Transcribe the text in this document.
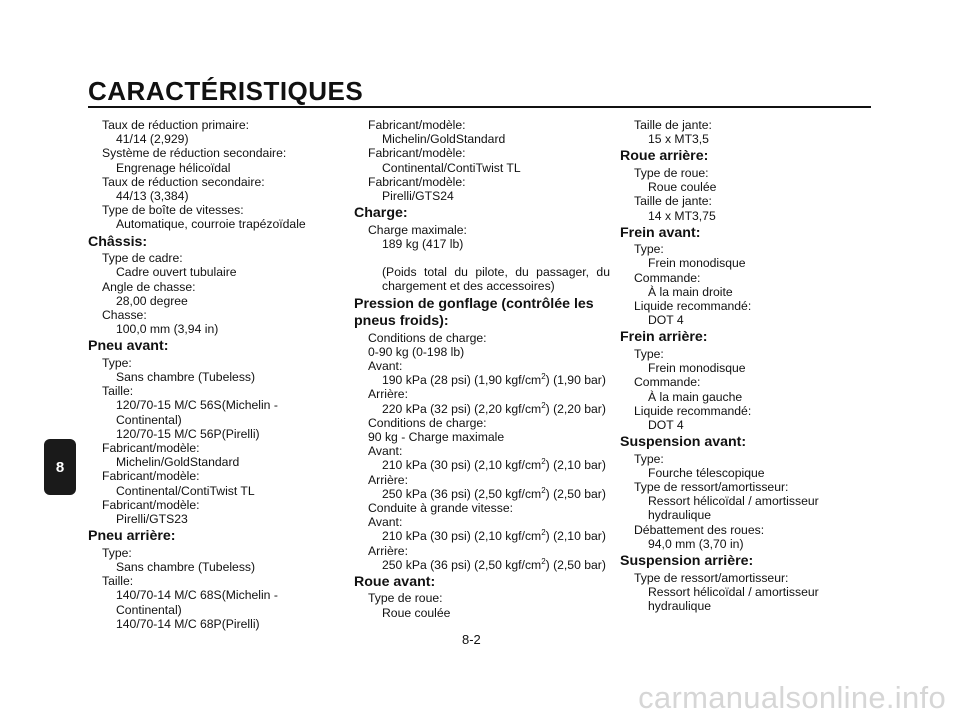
CARACTÉRISTIQUES
Taux de réduction primaire:
41/14 (2,929)
Système de réduction secondaire:
Engrenage hélicoïdal
Taux de réduction secondaire:
44/13 (3,384)
Type de boîte de vitesses:
Automatique, courroie trapézoïdale
Châssis:
Type de cadre:
Cadre ouvert tubulaire
Angle de chasse:
28,00 degree
Chasse:
100,0 mm (3,94 in)
Pneu avant:
Type:
Sans chambre (Tubeless)
Taille:
120/70-15 M/C 56S(Michelin -
Continental)
120/70-15 M/C 56P(Pirelli)
Fabricant/modèle:
Michelin/GoldStandard
Fabricant/modèle:
Continental/ContiTwist TL
Fabricant/modèle:
Pirelli/GTS23
Pneu arrière:
Type:
Sans chambre (Tubeless)
Taille:
140/70-14 M/C 68S(Michelin -
Continental)
140/70-14 M/C 68P(Pirelli)
Fabricant/modèle:
Michelin/GoldStandard
Fabricant/modèle:
Continental/ContiTwist TL
Fabricant/modèle:
Pirelli/GTS24
Charge:
Charge maximale:
189 kg (417 lb)
(Poids total du pilote, du passager, du chargement et des accessoires)
Pression de gonflage (contrôlée les pneus froids):
Conditions de charge:
0-90 kg (0-198 lb)
Avant:
190 kPa (28 psi) (1,90 kgf/$cm^2$) (1,90 bar)
Arrière:
220 kPa (32 psi) (2,20 kgf/$cm^2$) (2,20 bar)
Conditions de charge:
90 kg - Charge maximale
Avant:
210 kPa (30 psi) (2,10 kgf/$cm^2$) (2,10 bar)
Arrière:
250 kPa (36 psi) (2,50 kgf/$cm^2$) (2,50 bar)
Conduite à grande vitesse:
Avant:
210 kPa (30 psi) (2,10 kgf/$cm^2$) (2,10 bar)
Arrière:
250 kPa (36 psi) (2,50 kgf/$cm^2$) (2,50 bar)
Roue avant:
Type de roue:
Roue coulée
Taille de jante:
15 x MT3,5
Roue arrière:
Type de roue:
Roue coulée
Taille de jante:
14 x MT3,75
Frein avant:
Type:
Frein monodisque
Commande:
À la main droite
Liquide recommandé:
DOT 4
Frein arrière:
Type:
Frein monodisque
Commande:
À la main gauche
Liquide recommandé:
DOT 4
Suspension avant:
Type:
Fourche télescopique
Type de ressort/amortisseur:
Ressort hélicoïdal / amortisseur
hydraulique
Débattement des roues:
94,0 mm (3,70 in)
Suspension arrière:
Type de ressort/amortisseur:
Ressort hélicoïdal / amortisseur
hydraulique
8
8-2
carmanualsonline.info
